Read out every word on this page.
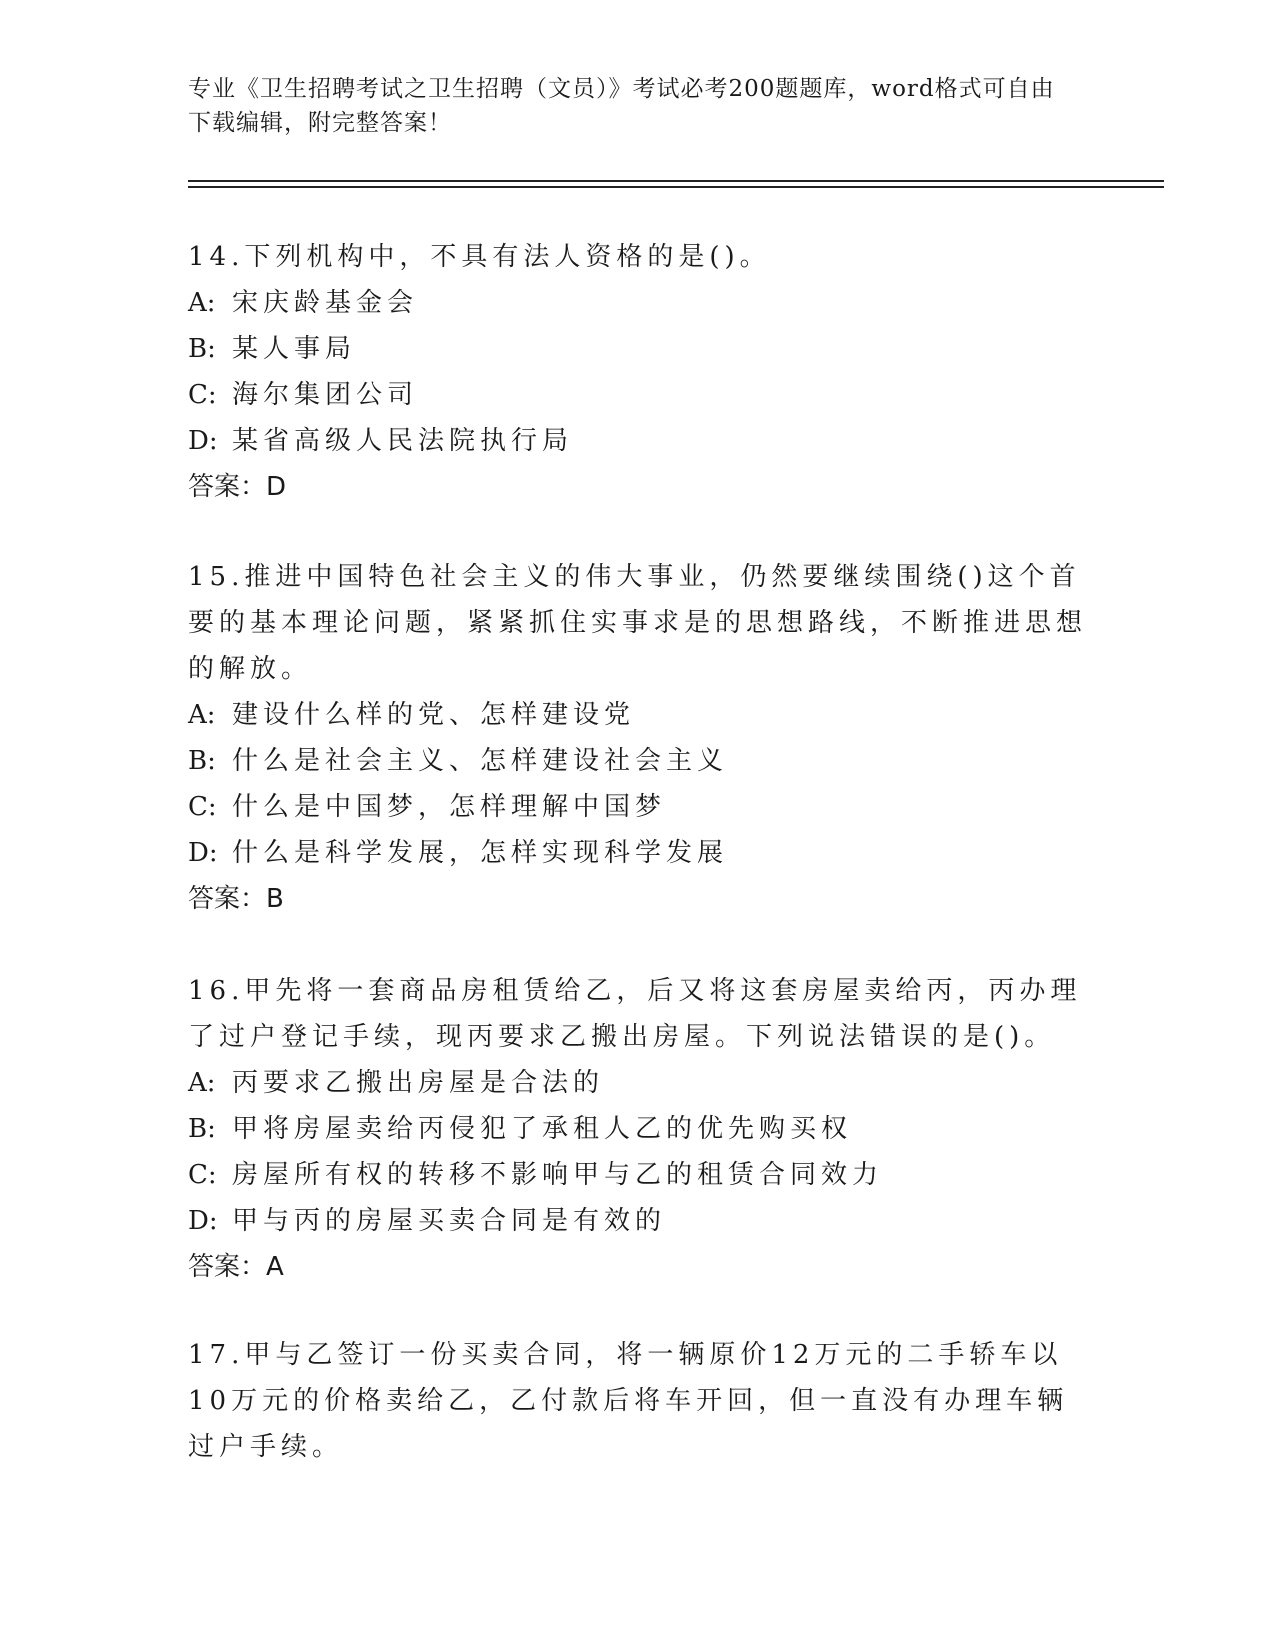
专业《卫生招聘考试之卫生招聘（文员）》考试必考200题题库，word格式可自由下载编辑，附完整答案！

14.下列机构中，不具有法人资格的是()。

A: 宋庆龄基金会

B: 某人事局

C: 海尔集团公司

D: 某省高级人民法院执行局

答案：D

15.推进中国特色社会主义的伟大事业，仍然要继续围绕()这个首要的基本理论问题，紧紧抓住实事求是的思想路线，不断推进思想的解放。

A: 建设什么样的党、怎样建设党

B: 什么是社会主义、怎样建设社会主义

C: 什么是中国梦，怎样理解中国梦

D: 什么是科学发展，怎样实现科学发展

答案：B

16.甲先将一套商品房租赁给乙，后又将这套房屋卖给丙，丙办理了过户登记手续，现丙要求乙搬出房屋。下列说法错误的是()。

A: 丙要求乙搬出房屋是合法的

B: 甲将房屋卖给丙侵犯了承租人乙的优先购买权

C: 房屋所有权的转移不影响甲与乙的租赁合同效力

D: 甲与丙的房屋买卖合同是有效的

答案：A

17.甲与乙签订一份买卖合同，将一辆原价12万元的二手轿车以10万元的价格卖给乙，乙付款后将车开回，但一直没有办理车辆过户手续。
